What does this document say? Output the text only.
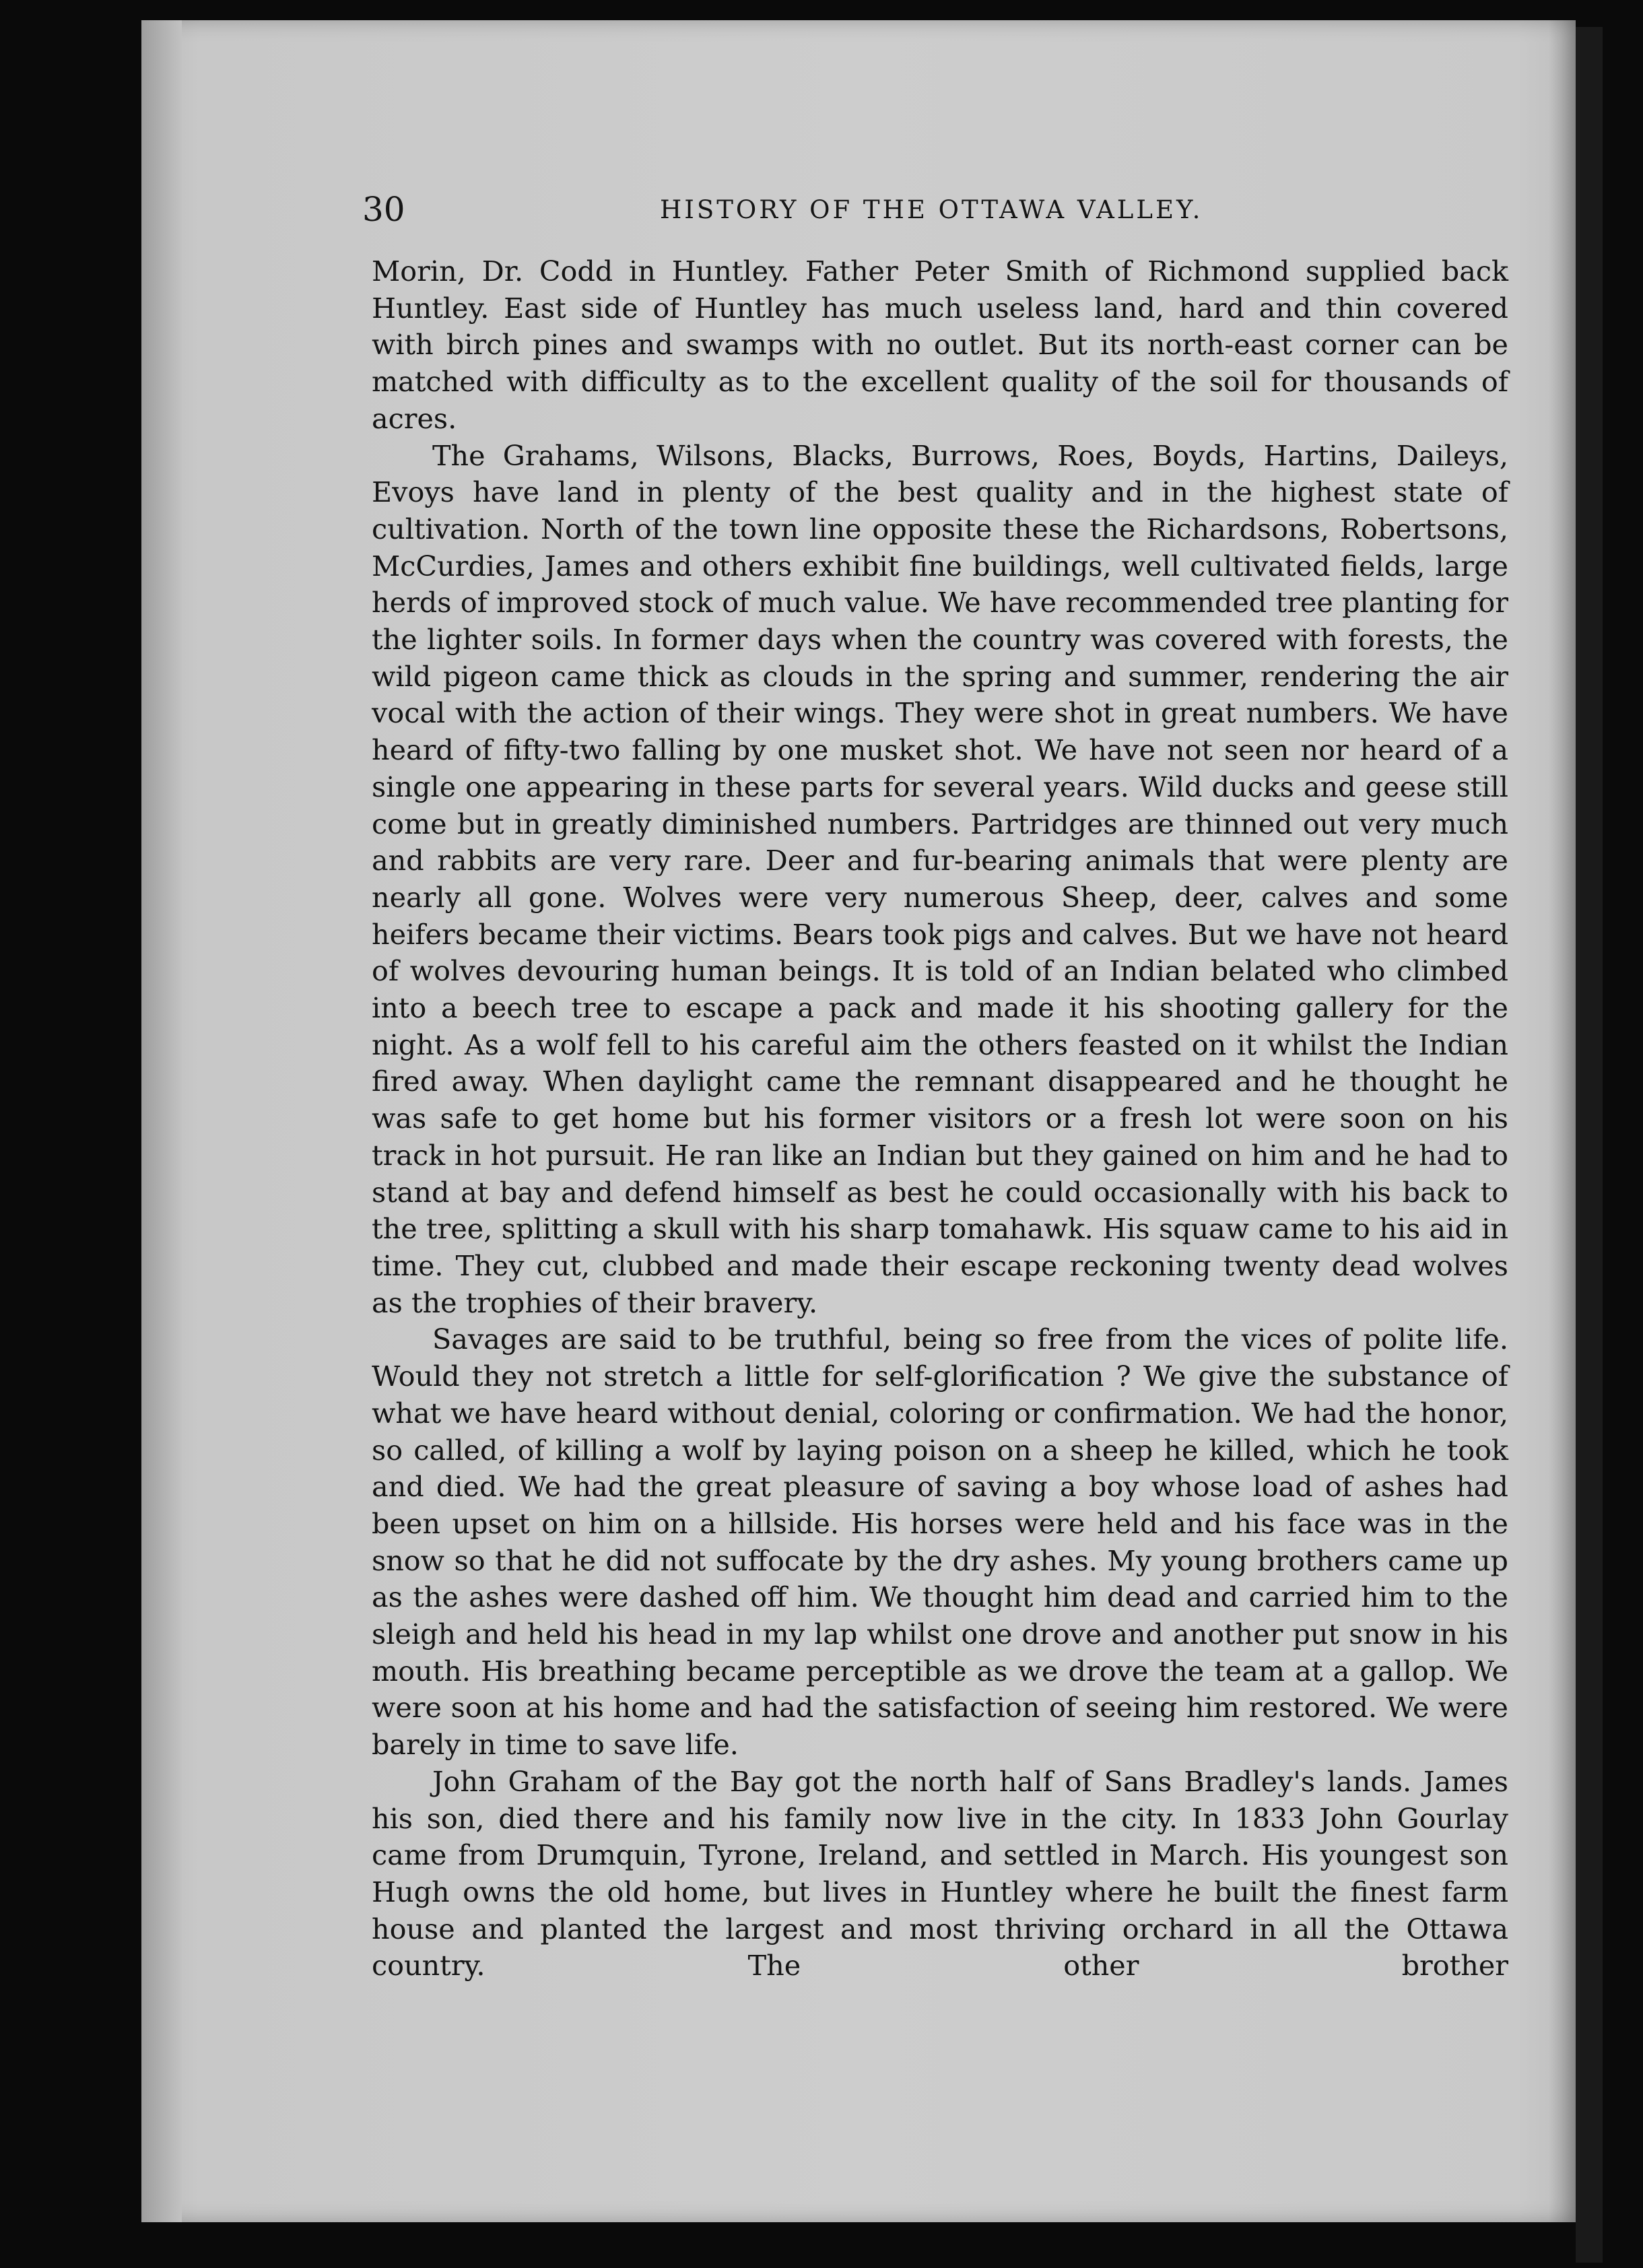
30	HISTORY OF THE OTTAWA VALLEY.

Morin, Dr. Codd in Huntley. Father Peter Smith of Richmond supplied back Huntley. East side of Huntley has much useless land, hard and thin covered with birch pines and swamps with no outlet. But its north-east corner can be matched with difficulty as to the excellent quality of the soil for thousands of acres.

The Grahams, Wilsons, Blacks, Burrows, Roes, Boyds, Hartins, Daileys, Evoys have land in plenty of the best quality and in the highest state of cultivation. North of the town line opposite these the Richardsons, Robertsons, McCurdies, James and others exhibit fine buildings, well cultivated fields, large herds of improved stock of much value. We have recommended tree planting for the lighter soils. In former days when the country was covered with forests, the wild pigeon came thick as clouds in the spring and summer, rendering the air vocal with the action of their wings. They were shot in great numbers. We have heard of fifty-two falling by one musket shot. We have not seen nor heard of a single one appearing in these parts for several years. Wild ducks and geese still come but in greatly diminished numbers. Partridges are thinned out very much and rabbits are very rare. Deer and fur-bearing animals that were plenty are nearly all gone. Wolves were very numerous Sheep, deer, calves and some heifers became their victims. Bears took pigs and calves. But we have not heard of wolves devouring human beings. It is told of an Indian belated who climbed into a beech tree to escape a pack and made it his shooting gallery for the night. As a wolf fell to his careful aim the others feasted on it whilst the Indian fired away. When daylight came the remnant disappeared and he thought he was safe to get home but his former visitors or a fresh lot were soon on his track in hot pursuit. He ran like an Indian but they gained on him and he had to stand at bay and defend himself as best he could occasionally with his back to the tree, splitting a skull with his sharp tomahawk. His squaw came to his aid in time. They cut, clubbed and made their escape reckoning twenty dead wolves as the trophies of their bravery.

Savages are said to be truthful, being so free from the vices of polite life. Would they not stretch a little for self-glorification ? We give the substance of what we have heard without denial, coloring or confirmation. We had the honor, so called, of killing a wolf by laying poison on a sheep he killed, which he took and died. We had the great pleasure of saving a boy whose load of ashes had been upset on him on a hillside. His horses were held and his face was in the snow so that he did not suffocate by the dry ashes. My young brothers came up as the ashes were dashed off him. We thought him dead and carried him to the sleigh and held his head in my lap whilst one drove and another put snow in his mouth. His breathing became perceptible as we drove the team at a gallop. We were soon at his home and had the satisfaction of seeing him restored. We were barely in time to save life.

John Graham of the Bay got the north half of Sans Bradley's lands. James his son, died there and his family now live in the city. In 1833 John Gourlay came from Drumquin, Tyrone, Ireland, and settled in March. His youngest son Hugh owns the old home, but lives in Huntley where he built the finest farm house and planted the largest and most thriving orchard in all the Ottawa country. The other brother
